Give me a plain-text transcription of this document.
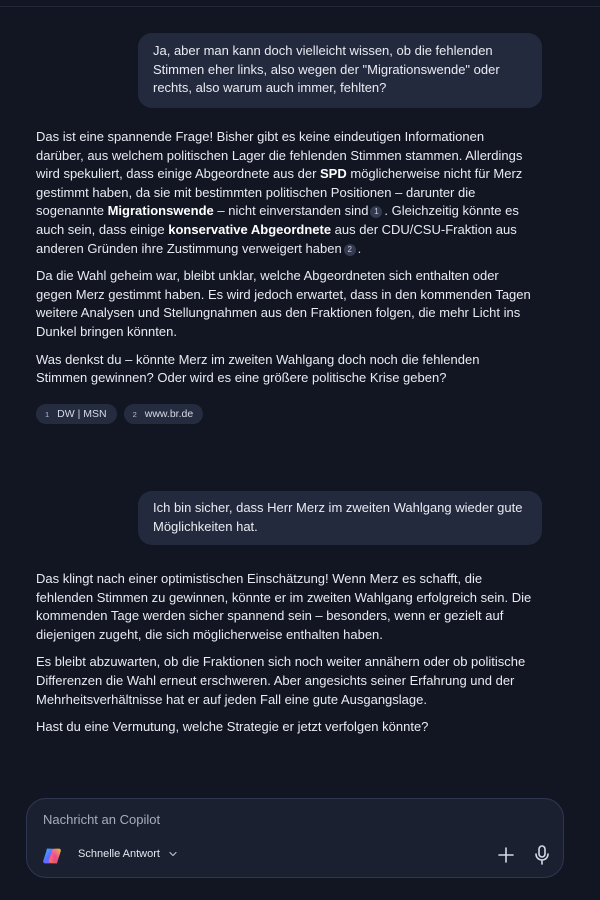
Ja, aber man kann doch vielleicht wissen, ob die fehlenden Stimmen eher links, also wegen der "Migrationswende" oder rechts, also warum auch immer, fehlten?

Das ist eine spannende Frage! Bisher gibt es keine eindeutigen Informationen darüber, aus welchem politischen Lager die fehlenden Stimmen stammen. Allerdings wird spekuliert, dass einige Abgeordnete aus der SPD möglicherweise nicht für Merz gestimmt haben, da sie mit bestimmten politischen Positionen – darunter die sogenannte Migrationswende – nicht einverstanden sind 1 . Gleichzeitig könnte es auch sein, dass einige konservative Abgeordnete aus der CDU/CSU-Fraktion aus anderen Gründen ihre Zustimmung verweigert haben 2 .

Da die Wahl geheim war, bleibt unklar, welche Abgeordneten sich enthalten oder gegen Merz gestimmt haben. Es wird jedoch erwartet, dass in den kommenden Tagen weitere Analysen und Stellungnahmen aus den Fraktionen folgen, die mehr Licht ins Dunkel bringen könnten.

Was denkst du – könnte Merz im zweiten Wahlgang doch noch die fehlenden Stimmen gewinnen? Oder wird es eine größere politische Krise geben?

1 DW | MSN	2 www.br.de
Ich bin sicher, dass Herr Merz im zweiten Wahlgang wieder gute Möglichkeiten hat.

Das klingt nach einer optimistischen Einschätzung! Wenn Merz es schafft, die fehlenden Stimmen zu gewinnen, könnte er im zweiten Wahlgang erfolgreich sein. Die kommenden Tage werden sicher spannend sein – besonders, wenn er gezielt auf diejenigen zugeht, die sich möglicherweise enthalten haben.

Es bleibt abzuwarten, ob die Fraktionen sich noch weiter annähern oder ob politische Differenzen die Wahl erneut erschweren. Aber angesichts seiner Erfahrung und der Mehrheitsverhältnisse hat er auf jeden Fall eine gute Ausgangslage.

Hast du eine Vermutung, welche Strategie er jetzt verfolgen könnte?

Nachricht an Copilot
Schnelle Antwort
